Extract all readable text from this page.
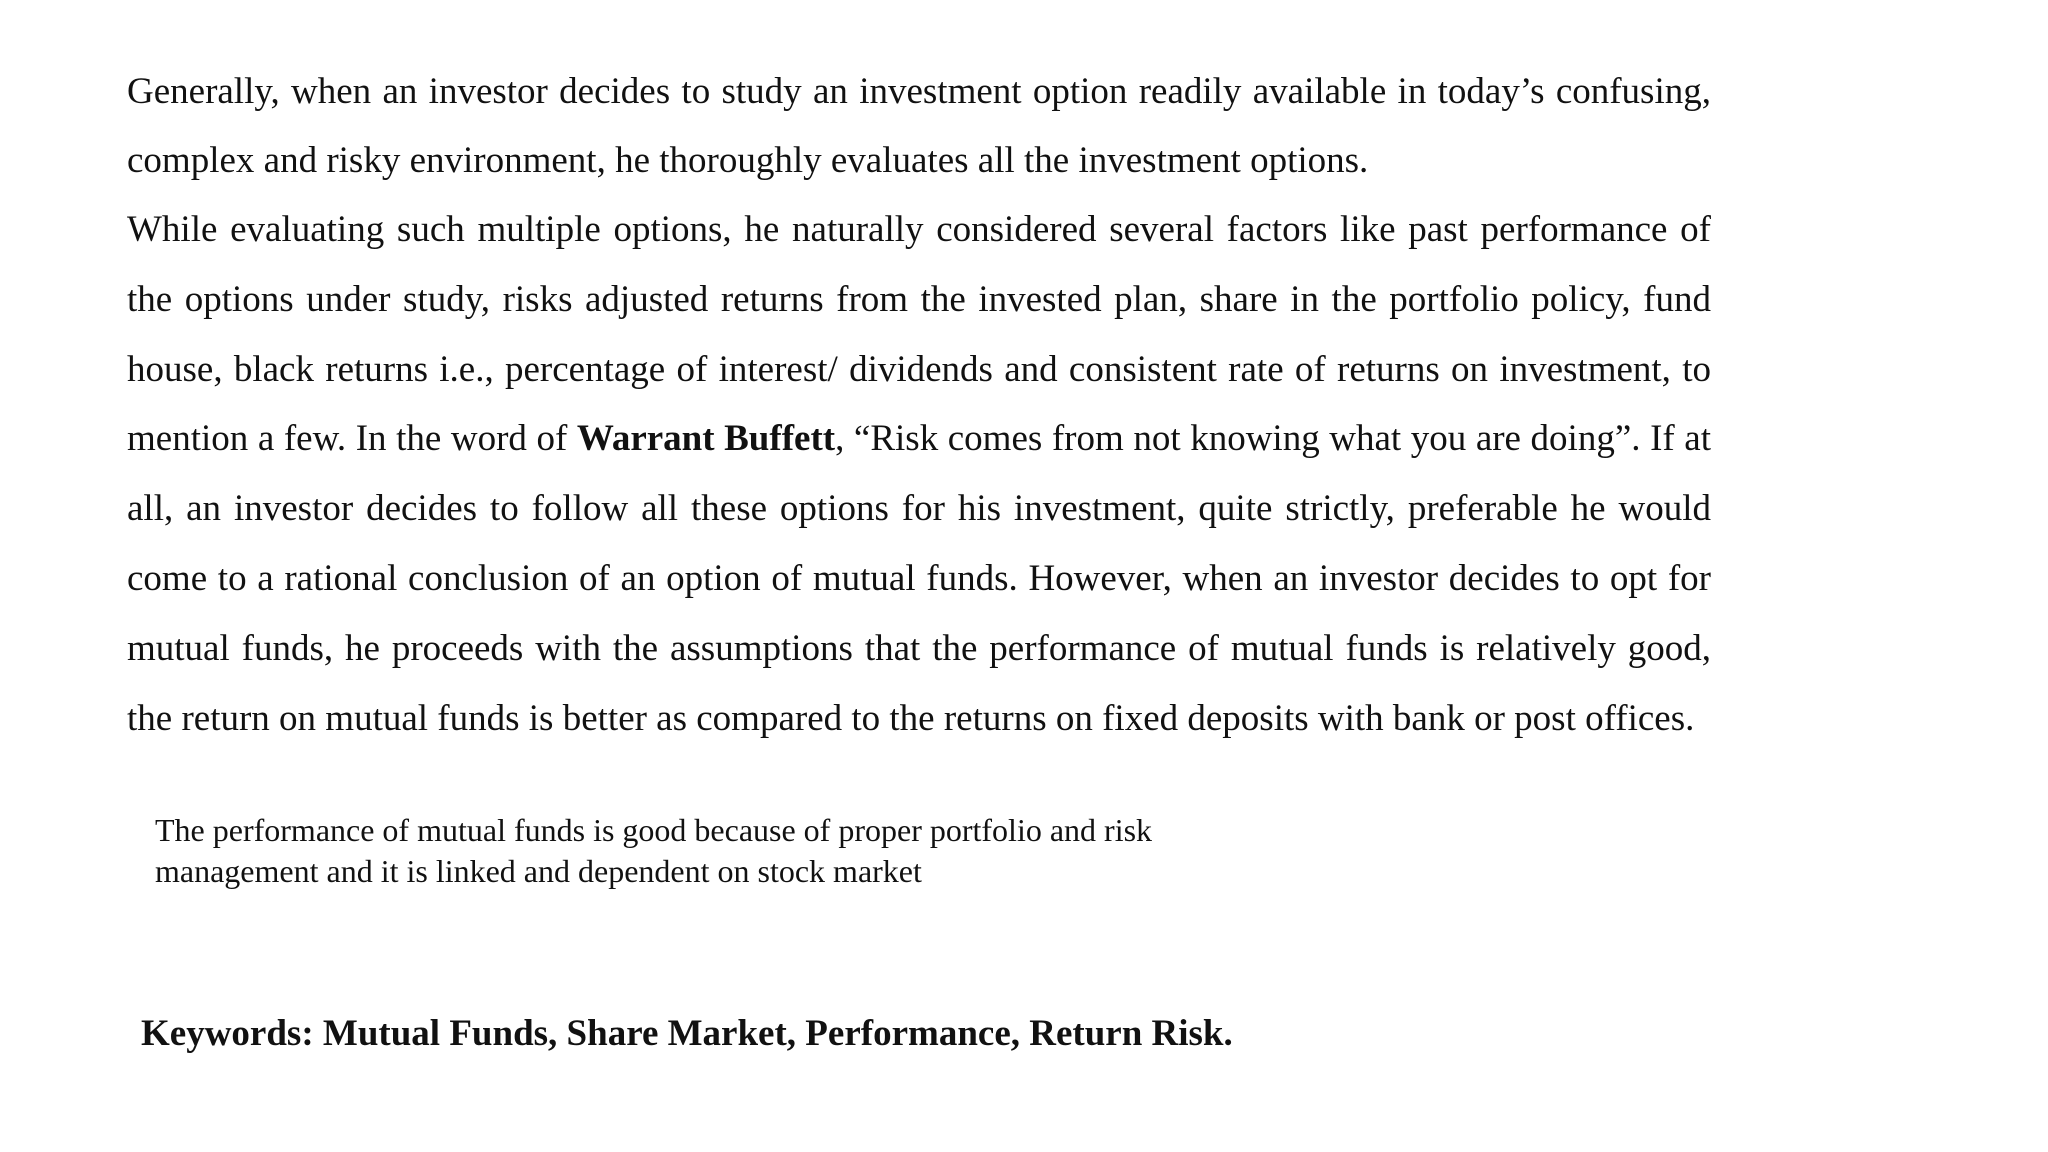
Generally, when an investor decides to study an investment option readily available in today’s confusing, complex and risky environment, he thoroughly evaluates all the investment options.

While evaluating such multiple options, he naturally considered several factors like past performance of the options under study, risks adjusted returns from the invested plan, share in the portfolio policy, fund house, black returns i.e., percentage of interest/ dividends and consistent rate of returns on investment, to mention a few. In the word of Warrant Buffett, “Risk comes from not knowing what you are doing”. If at all, an investor decides to follow all these options for his investment, quite strictly, preferable he would come to a rational conclusion of an option of mutual funds. However, when an investor decides to opt for mutual funds, he proceeds with the assumptions that the performance of mutual funds is relatively good, the return on mutual funds is better as compared to the returns on fixed deposits with bank or post offices.

The performance of mutual funds is good because of proper portfolio and risk management and it is linked and dependent on stock market

Keywords: Mutual Funds, Share Market, Performance, Return Risk.
